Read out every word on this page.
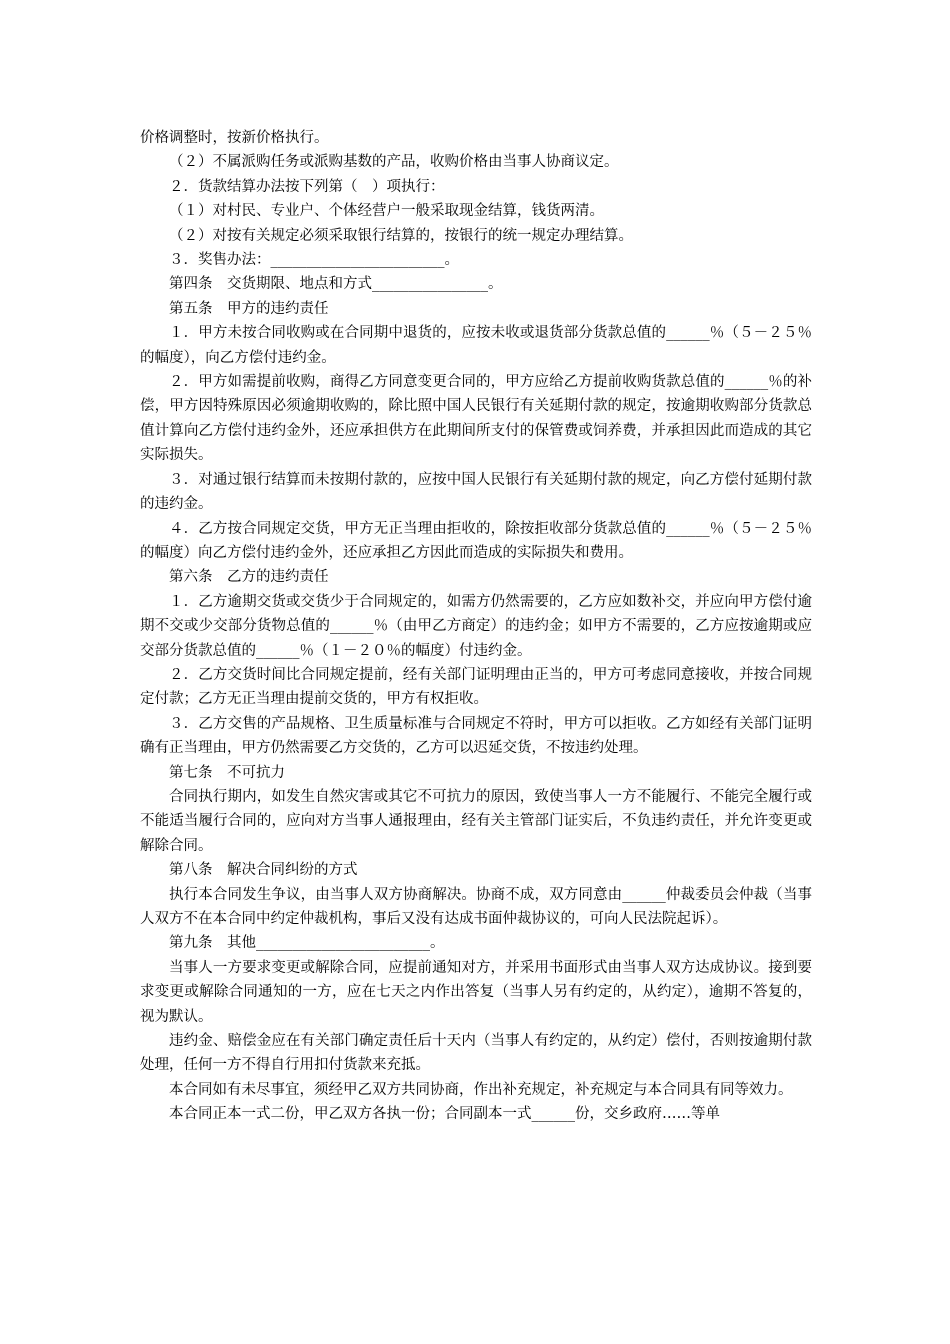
价格调整时，按新价格执行。

（２）不属派购任务或派购基数的产品，收购价格由当事人协商议定。

２．货款结算办法按下列第（　）项执行：

（１）对村民、专业户、个体经营户一般采取现金结算，钱货两清。

（２）对按有关规定必须采取银行结算的，按银行的统一规定办理结算。

３．奖售办法：________________________。

第四条　交货期限、地点和方式________________。

第五条　甲方的违约责任

１．甲方未按合同收购或在合同期中退货的，应按未收或退货部分货款总值的______％（５－２５％的幅度），向乙方偿付违约金。

２．甲方如需提前收购，商得乙方同意变更合同的，甲方应给乙方提前收购货款总值的______％的补偿，甲方因特殊原因必须逾期收购的，除比照中国人民银行有关延期付款的规定，按逾期收购部分货款总值计算向乙方偿付违约金外，还应承担供方在此期间所支付的保管费或饲养费，并承担因此而造成的其它实际损失。

３．对通过银行结算而未按期付款的，应按中国人民银行有关延期付款的规定，向乙方偿付延期付款的违约金。

４．乙方按合同规定交货，甲方无正当理由拒收的，除按拒收部分货款总值的______％（５－２５％的幅度）向乙方偿付违约金外，还应承担乙方因此而造成的实际损失和费用。

第六条　乙方的违约责任

１．乙方逾期交货或交货少于合同规定的，如需方仍然需要的，乙方应如数补交，并应向甲方偿付逾期不交或少交部分货物总值的______％（由甲乙方商定）的违约金；如甲方不需要的，乙方应按逾期或应交部分货款总值的______％（１－２０％的幅度）付违约金。

２．乙方交货时间比合同规定提前，经有关部门证明理由正当的，甲方可考虑同意接收，并按合同规定付款；乙方无正当理由提前交货的，甲方有权拒收。

３．乙方交售的产品规格、卫生质量标准与合同规定不符时，甲方可以拒收。乙方如经有关部门证明确有正当理由，甲方仍然需要乙方交货的，乙方可以迟延交货，不按违约处理。

第七条　不可抗力

合同执行期内，如发生自然灾害或其它不可抗力的原因，致使当事人一方不能履行、不能完全履行或不能适当履行合同的，应向对方当事人通报理由，经有关主管部门证实后，不负违约责任，并允许变更或解除合同。

第八条　解决合同纠纷的方式

执行本合同发生争议，由当事人双方协商解决。协商不成，双方同意由______仲裁委员会仲裁（当事人双方不在本合同中约定仲裁机构，事后又没有达成书面仲裁协议的，可向人民法院起诉）。

第九条　其他________________________。

当事人一方要求变更或解除合同，应提前通知对方，并采用书面形式由当事人双方达成协议。接到要求变更或解除合同通知的一方，应在七天之内作出答复（当事人另有约定的，从约定），逾期不答复的，视为默认。

违约金、赔偿金应在有关部门确定责任后十天内（当事人有约定的，从约定）偿付，否则按逾期付款处理，任何一方不得自行用扣付货款来充抵。

本合同如有未尽事宜，须经甲乙双方共同协商，作出补充规定，补充规定与本合同具有同等效力。

本合同正本一式二份，甲乙双方各执一份；合同副本一式______份，交乡政府……等单
